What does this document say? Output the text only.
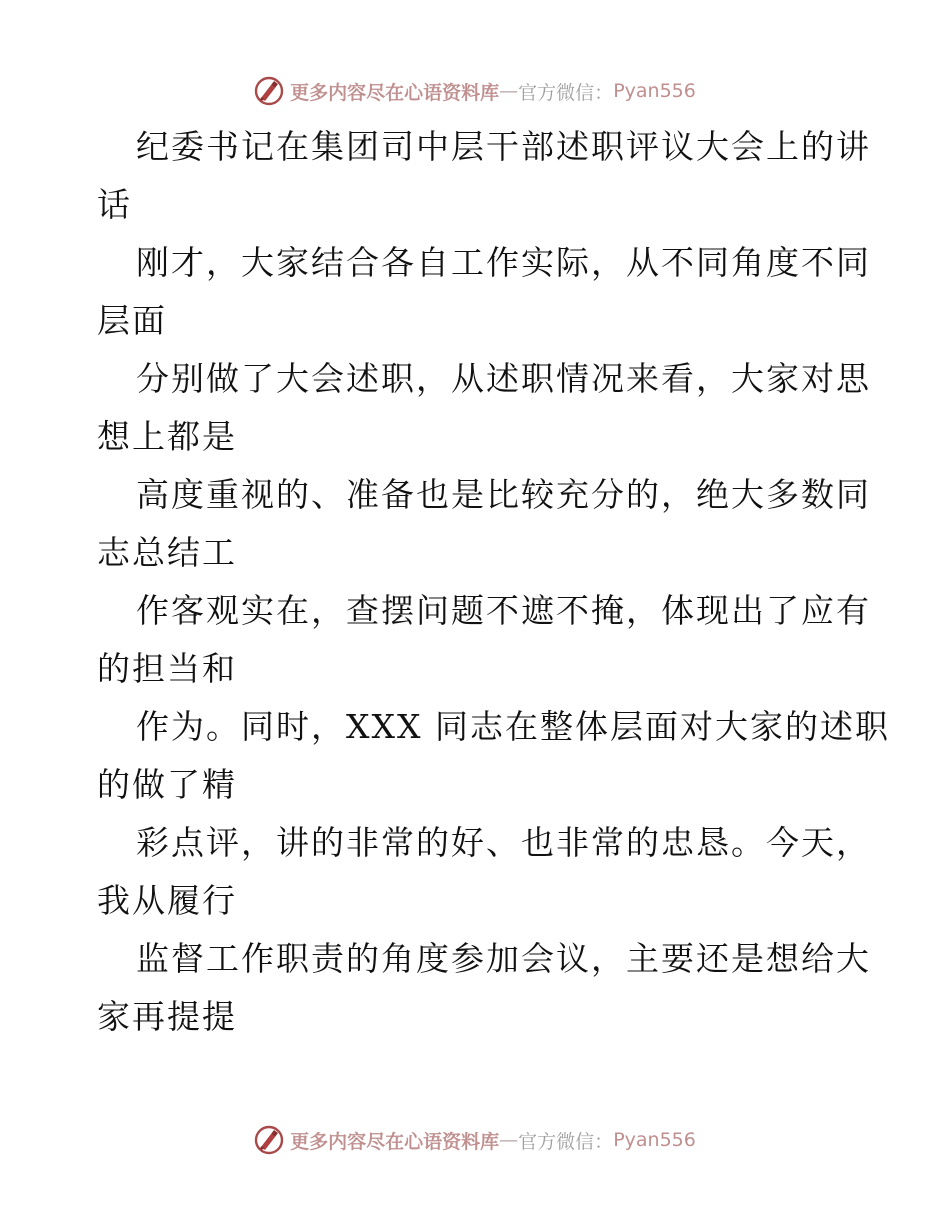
更多内容尽在心语资料库 — 官方微信： Pyan556

纪委书记在集团司中层干部述职评议大会上的讲
话

刚才，大家结合各自工作实际，从不同角度不同
层面

分别做了大会述职，从述职情况来看，大家对思
想上都是

高度重视的、准备也是比较充分的，绝大多数同
志总结工

作客观实在，查摆问题不遮不掩，体现出了应有
的担当和

作为。同时，XXX 同志在整体层面对大家的述职
的做了精

彩点评，讲的非常的好、也非常的忠恳。今天，
我从履行

监督工作职责的角度参加会议，主要还是想给大
家再提提

更多内容尽在心语资料库 — 官方微信： Pyan556
